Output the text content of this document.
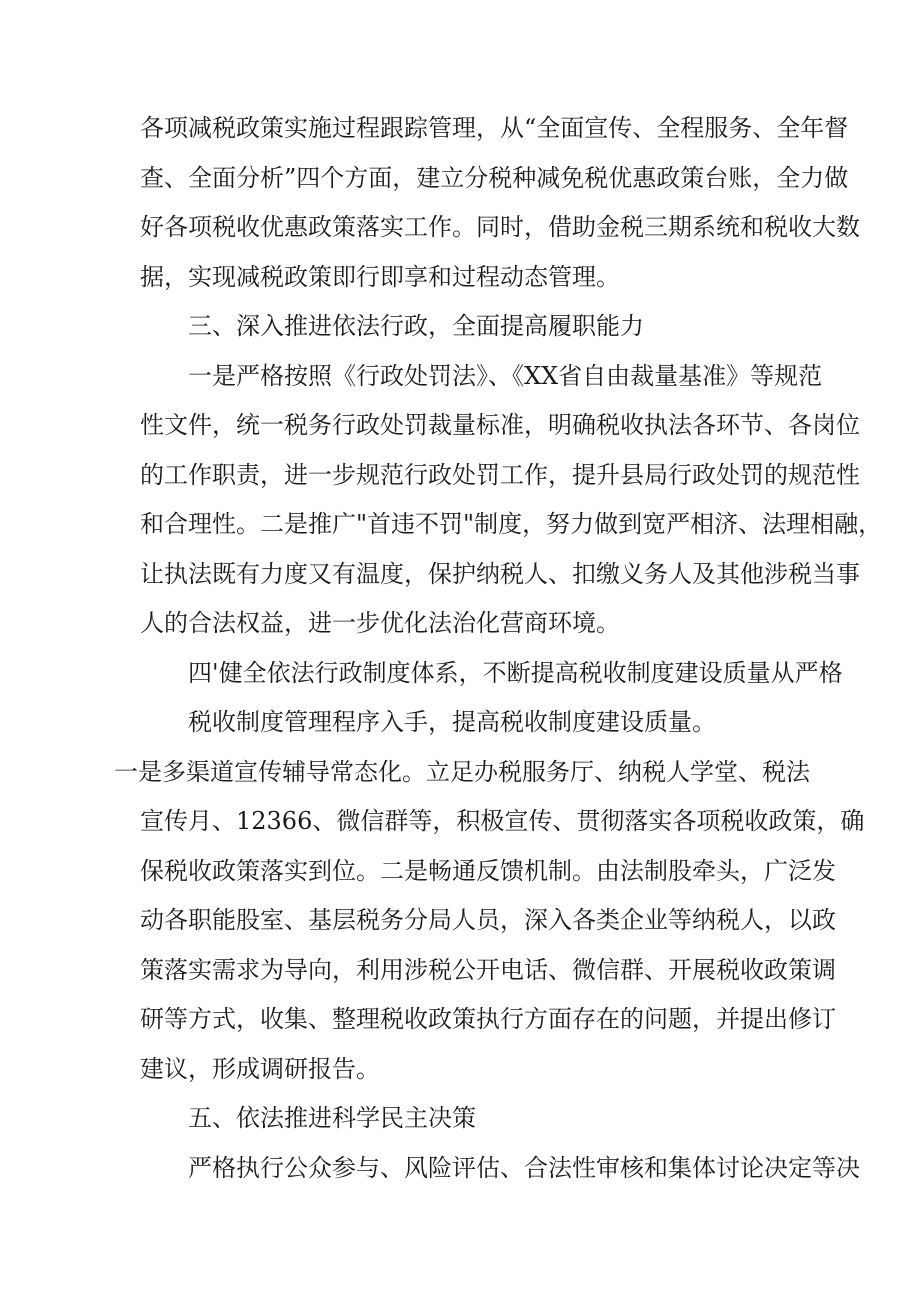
各项减税政策实施过程跟踪管理，从“全面宣传、全程服务、全年督

查、全面分析”四个方面，建立分税种减免税优惠政策台账，全力做

好各项税收优惠政策落实工作。同时，借助金税三期系统和税收大数

据，实现减税政策即行即享和过程动态管理。

三、深入推进依法行政，全面提高履职能力

一是严格按照《行政处罚法》、《XX省自由裁量基准》等规范

性文件，统一税务行政处罚裁量标准，明确税收执法各环节、各岗位

的工作职责，进一步规范行政处罚工作，提升县局行政处罚的规范性

和合理性。二是推广"首违不罚"制度，努力做到宽严相济、法理相融，

让执法既有力度又有温度，保护纳税人、扣缴义务人及其他涉税当事

人的合法权益，进一步优化法治化营商环境。

四'健全依法行政制度体系，不断提高税收制度建设质量从严格

税收制度管理程序入手，提高税收制度建设质量。

一是多渠道宣传辅导常态化。立足办税服务厅、纳税人学堂、税法

宣传月、12366、微信群等，积极宣传、贯彻落实各项税收政策，确

保税收政策落实到位。二是畅通反馈机制。由法制股牵头，广泛发

动各职能股室、基层税务分局人员，深入各类企业等纳税人，以政

策落实需求为导向，利用涉税公开电话、微信群、开展税收政策调

研等方式，收集、整理税收政策执行方面存在的问题，并提出修订

建议，形成调研报告。

五、依法推进科学民主决策

严格执行公众参与、风险评估、合法性审核和集体讨论决定等决
